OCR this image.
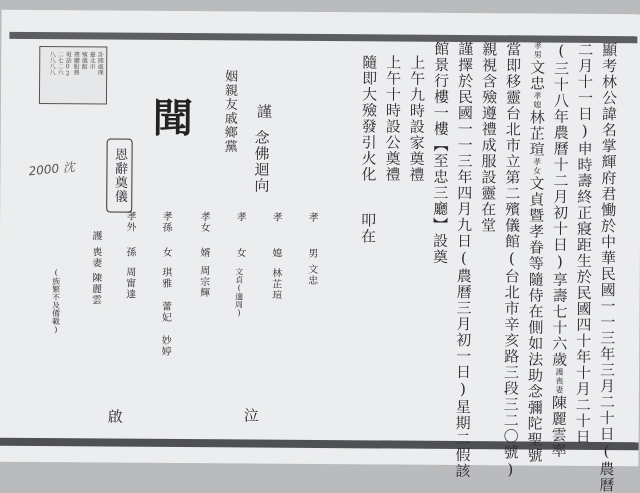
顯考林公諱名掌輝府君慟於中華民國一一三年三月二十日(農曆
二月十一日)申時壽終正寢距生於民國四十年十月二十日
(三十八年農曆十二月初十日)享壽七十六歲護喪妻陳麗雲率
孝男文忠孝媳林芷瑄孝女文貞暨孝眷等隨侍在側如法助念彌陀聖號
當即移靈台北市立第二殯儀館(台北市辛亥路三段三二〇號)
親視含殮遵禮成服設靈在堂
謹擇於民國一一三年四月九日(農曆三月初一日)星期二假該
館景行樓一樓【至忠三廳】設奠
上午九時設家奠禮
上午十時設公奠禮
隨即大殮發引火化叩在
姻親友戚鄉黨 謹
念佛迴向
聞
訃聞處理
臺北市
殯儀館
禮廳服務
電話02
二七二六
八八八八
恩辭奠儀
2000 沈
孝
男
文忠
孝
媳
林芷瑄
孝
女
文貞(適周)
孝女
婿
周宗輝
孝孫
女
琪雅 蕾妃 妙婷
孝外
孫
周甯達
護
喪妻
陳麗雲
(族繁不及備載)
啟	泣
